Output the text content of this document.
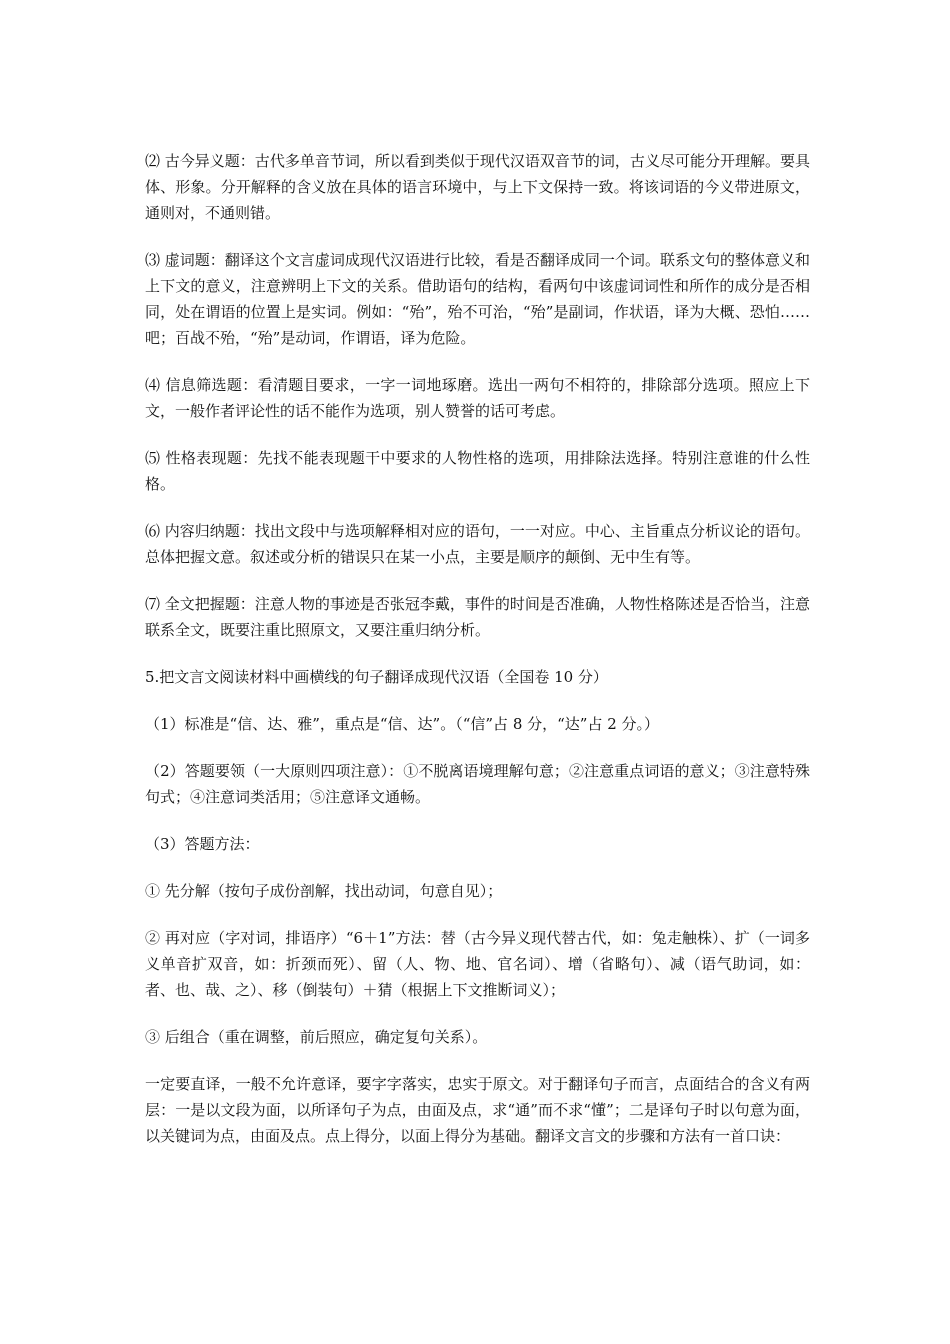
⑵ 古今异义题：古代多单音节词，所以看到类似于现代汉语双音节的词，古义尽可能分开理解。要具体、形象。分开解释的含义放在具体的语言环境中，与上下文保持一致。将该词语的今义带进原文，通则对，不通则错。

⑶ 虚词题：翻译这个文言虚词成现代汉语进行比较，看是否翻译成同一个词。联系文句的整体意义和上下文的意义，注意辨明上下文的关系。借助语句的结构，看两句中该虚词词性和所作的成分是否相同，处在谓语的位置上是实词。例如：“殆”，殆不可治，“殆”是副词，作状语，译为大概、恐怕……吧；百战不殆，“殆”是动词，作谓语，译为危险。

⑷ 信息筛选题：看清题目要求，一字一词地琢磨。选出一两句不相符的，排除部分选项。照应上下文，一般作者评论性的话不能作为选项，别人赞誉的话可考虑。

⑸ 性格表现题：先找不能表现题干中要求的人物性格的选项，用排除法选择。特别注意谁的什么性格。

⑹ 内容归纳题：找出文段中与选项解释相对应的语句，一一对应。中心、主旨重点分析议论的语句。总体把握文意。叙述或分析的错误只在某一小点，主要是顺序的颠倒、无中生有等。

⑺ 全文把握题：注意人物的事迹是否张冠李戴，事件的时间是否准确，人物性格陈述是否恰当，注意联系全文，既要注重比照原文，又要注重归纳分析。

5.把文言文阅读材料中画横线的句子翻译成现代汉语（全国卷 10 分）

（1）标准是“信、达、雅”，重点是“信、达”。（“信”占 8 分，“达”占 2 分。）

（2）答题要领（一大原则四项注意）：①不脱离语境理解句意；②注意重点词语的意义；③注意特殊句式；④注意词类活用；⑤注意译文通畅。

（3）答题方法：

① 先分解（按句子成份剖解，找出动词，句意自见）；

② 再对应（字对词，排语序）“6＋1”方法：替（古今异义现代替古代，如：兔走触株）、扩（一词多义单音扩双音，如：折颈而死）、留（人、物、地、官名词）、增（省略句）、减（语气助词，如：者、也、哉、之）、移（倒装句）＋猜（根据上下文推断词义）；

③ 后组合（重在调整，前后照应，确定复句关系）。

一定要直译，一般不允许意译，要字字落实，忠实于原文。对于翻译句子而言，点面结合的含义有两层：一是以文段为面，以所译句子为点，由面及点，求“通”而不求“懂”；二是译句子时以句意为面，以关键词为点，由面及点。点上得分，以面上得分为基础。翻译文言文的步骤和方法有一首口诀：
